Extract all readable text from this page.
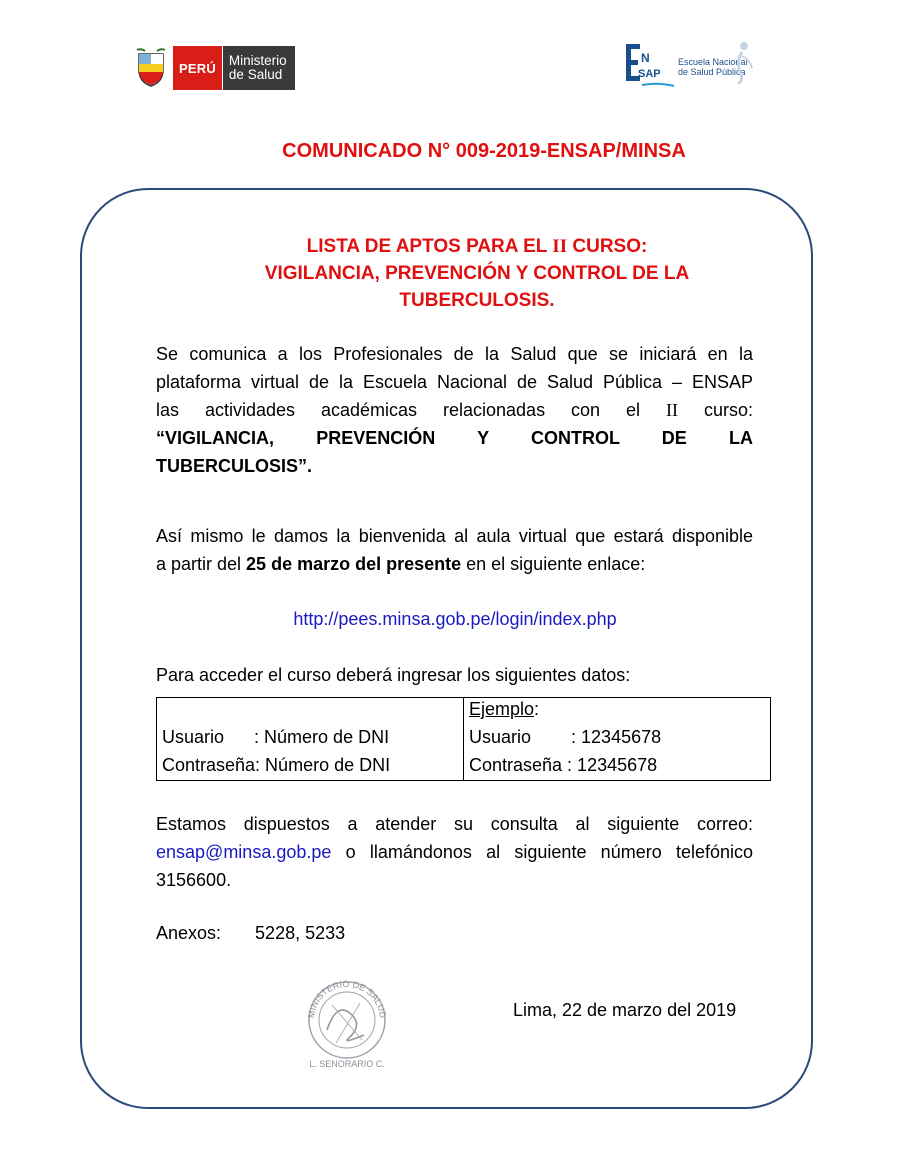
PERÚ Ministerio
de Salud
N
SAP
Escuela Nacional
de Salud Pública
COMUNICADO N° 009-2019-ENSAP/MINSA
LISTA DE APTOS PARA EL II CURSO:
VIGILANCIA, PREVENCIÓN Y CONTROL DE LA
TUBERCULOSIS.
Se comunica a los Profesionales de la Salud que se iniciará en la
plataforma virtual de la Escuela Nacional de Salud Pública – ENSAP
las actividades académicas relacionadas con el II curso:
“VIGILANCIA, PREVENCIÓN Y CONTROL DE LA
TUBERCULOSIS”.
Así mismo le damos la bienvenida al aula virtual que estará disponible
a partir del 25 de marzo del presente en el siguiente enlace:
http://pees.minsa.gob.pe/login/index.php
Para acceder el curso deberá ingresar los siguientes datos:
Usuario      : Número de DNI
Contraseña: Número de DNI
Ejemplo:
Usuario        : 12345678
Contraseña : 12345678
Estamos dispuestos a atender su consulta al siguiente correo:
ensap@minsa.gob.pe o llamándonos al siguiente número telefónico
3156600.
Anexos: 5228, 5233
MINISTERIO DE SALUD
L. SENORARIO C.
Lima, 22 de marzo del 2019
